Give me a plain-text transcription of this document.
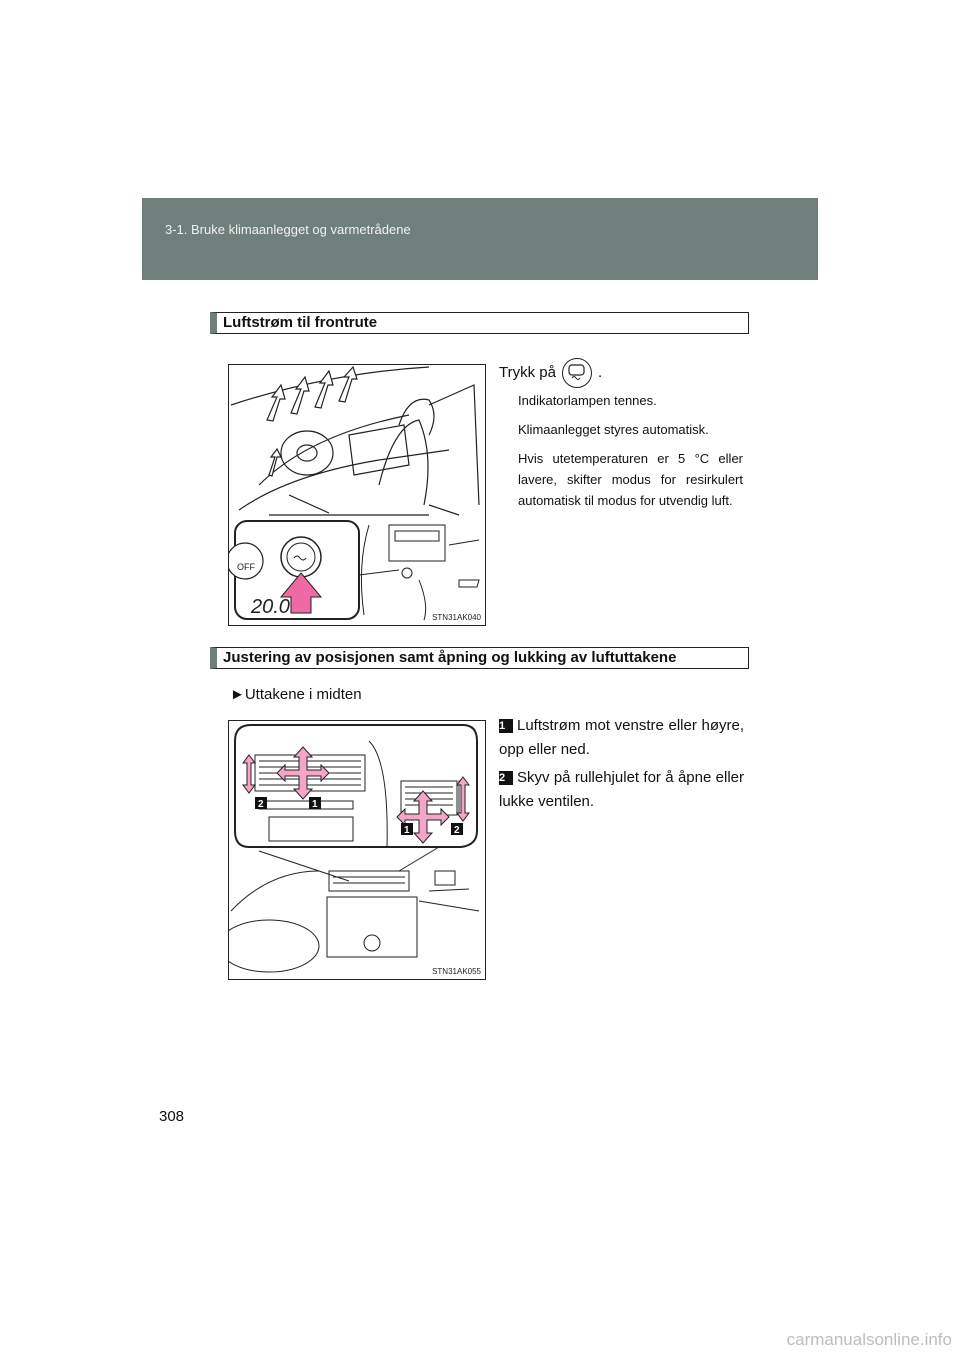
3-1. Bruke klimaanlegget og varmetrådene
Luftstrøm til frontrute
OFF
20.0	STN31AK040
Trykk på	.
Indikatorlampen tennes.
Klimaanlegget styres automatisk.
Hvis utetemperaturen er 5 °C eller lavere, skifter modus for resirkulert automatisk til modus for utvendig luft.
Justering av posisjonen samt åpning og lukking av luftuttakene
►Uttakene i midten
2	1
1	2
STN31AK055
1 Luftstrøm mot venstre eller høyre, opp eller ned.
2 Skyv på rullehjulet for å åpne eller lukke ventilen.
308
carmanualsonline.info
